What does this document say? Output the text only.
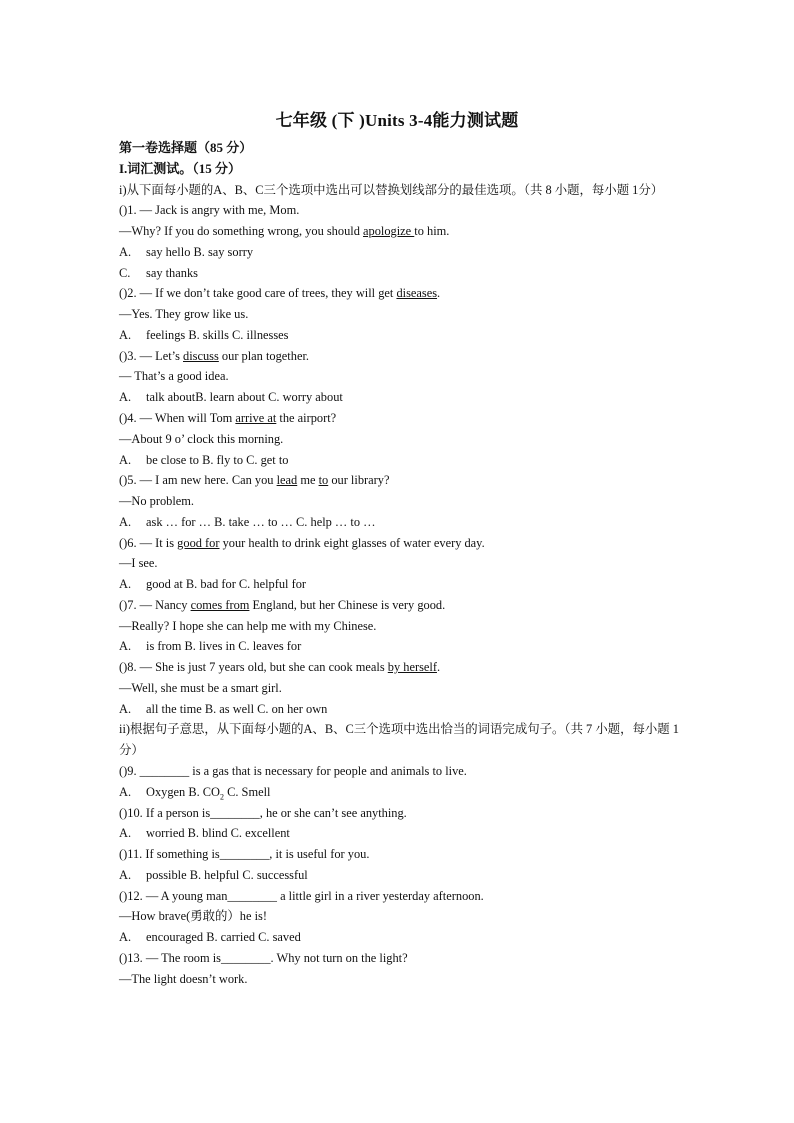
七年级 (下 )Units 3-4能力测试题
第一卷选择题（85 分）
I.词汇测试。（15 分）
i)从下面每小题的A、B、C三个选项中选出可以替换划线部分的最佳选项。（共 8 小题，每小题 1分）
()1. — Jack is angry with me, Mom.
—Why? If you do something wrong, you should apologize to him.
A. say hello B. say sorry
C. say thanks
()2. — If we don’t take good care of trees, they will get diseases.
—Yes. They grow like us.
A. feelings B. skills C. illnesses
()3. — Let’s discuss our plan together.
— That’s a good idea.
A. talk aboutB. learn about C. worry about
()4. — When will Tom arrive at the airport?
—About 9 o’ clock this morning.
A. be close to B. fly to C. get to
()5. — I am new here. Can you lead me to our library?
—No problem.
A. ask … for … B. take … to … C. help … to …
()6. — It is good for your health to drink eight glasses of water every day.
—I see.
A. good at B. bad for C. helpful for
()7. — Nancy comes from England, but her Chinese is very good.
—Really? I hope she can help me with my Chinese.
A. is from B. lives in C. leaves for
()8. — She is just 7 years old, but she can cook meals by herself.
—Well, she must be a smart girl.
A. all the time B. as well C. on her own
ii)根据句子意思，从下面每小题的A、B、C三个选项中选出恰当的词语完成句子。（共 7 小题，每小题 1分）
()9. ________ is a gas that is necessary for people and animals to live.
A. Oxygen B. $CO_2$ C. Smell
()10. If a person is________, he or she can’t see anything.
A. worried B. blind C. excellent
()11. If something is________, it is useful for you.
A. possible B. helpful C. successful
()12. — A young man________ a little girl in a river yesterday afternoon.
—How brave(勇敢的）he is!
A. encouraged B. carried C. saved
()13. — The room is________. Why not turn on the light?
—The light doesn’t work.
